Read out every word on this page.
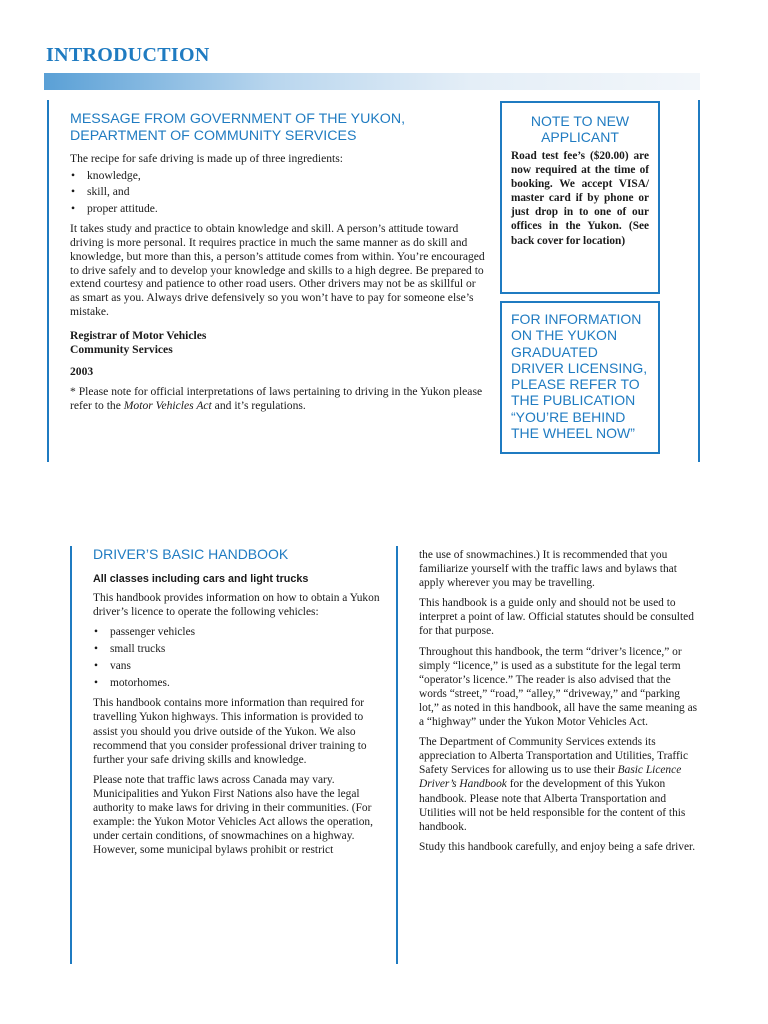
INTRODUCTION
MESSAGE FROM GOVERNMENT OF THE YUKON, DEPARTMENT OF COMMUNITY SERVICES

The recipe for safe driving is made up of three ingredients:

• knowledge,
• skill, and
• proper attitude.

It takes study and practice to obtain knowledge and skill. A person’s attitude toward driving is more personal. It requires practice in much the same manner as do skill and knowledge, but more than this, a person’s attitude comes from within. You’re encouraged to drive safely and to develop your knowledge and skills to a high degree. Be prepared to extend courtesy and patience to other road users. Other drivers may not be as skillful or as smart as you. Always drive defensively so you won’t have to pay for someone else’s mistake.

Registrar of Motor Vehicles
Community Services
2003

* Please note for official interpretations of laws pertaining to driving in the Yukon please refer to the Motor Vehicles Act and it’s regulations.

NOTE TO NEW APPLICANT

Road test fee’s ($20.00) are now required at the time of booking. We accept VISA/ master card if by phone or just drop in to one of our offices in the Yukon. (See back cover for location)

FOR INFORMATION ON THE YUKON GRADUATED DRIVER LICENSING, PLEASE REFER TO THE PUBLICATION “YOU’RE BEHIND THE WHEEL NOW”

DRIVER’S BASIC HANDBOOK
All classes including cars and light trucks

This handbook provides information on how to obtain a Yukon driver’s licence to operate the following vehicles:

• passenger vehicles
• small trucks
• vans
• motorhomes.

This handbook contains more information than required for travelling Yukon highways. This information is provided to assist you should you drive outside of the Yukon. We also recommend that you consider professional driver training to further your safe driving skills and knowledge.

Please note that traffic laws across Canada may vary. Municipalities and Yukon First Nations also have the legal authority to make laws for driving in their communities. (For example: the Yukon Motor Vehicles Act allows the operation, under certain conditions, of snowmachines on a highway. However, some municipal bylaws prohibit or restrict

the use of snowmachines.) It is recommended that you familiarize yourself with the traffic laws and bylaws that apply wherever you may be travelling.

This handbook is a guide only and should not be used to interpret a point of law. Official statutes should be consulted for that purpose.

Throughout this handbook, the term “driver’s licence,” or simply “licence,” is used as a substitute for the legal term “operator’s licence.” The reader is also advised that the words “street,” “road,” “alley,” “driveway,” and “parking lot,” as noted in this handbook, all have the same meaning as a “highway” under the Yukon Motor Vehicles Act.

The Department of Community Services extends its appreciation to Alberta Transportation and Utilities, Traffic Safety Services for allowing us to use their Basic Licence Driver’s Handbook for the development of this Yukon handbook. Please note that Alberta Transportation and Utilities will not be held responsible for the content of this handbook.

Study this handbook carefully, and enjoy being a safe driver.
